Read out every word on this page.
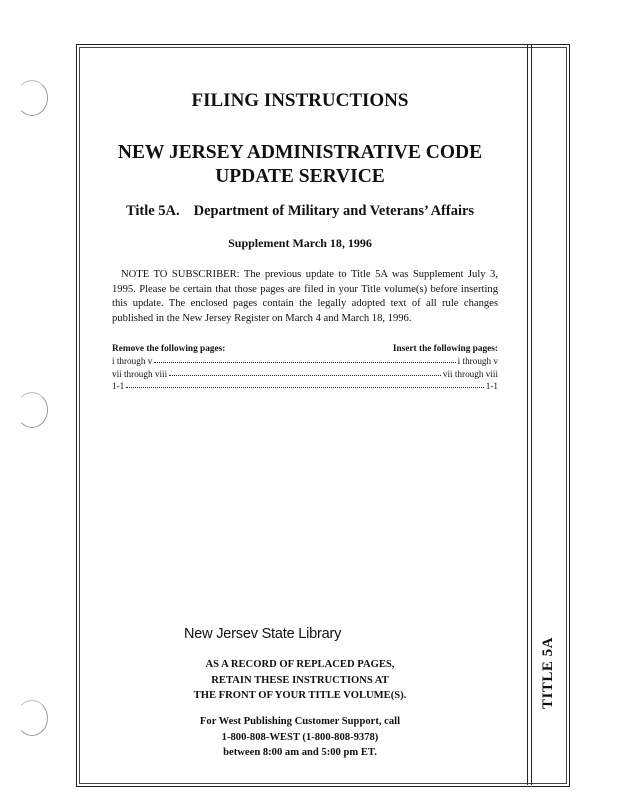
TITLE 5A
FILING INSTRUCTIONS
NEW JERSEY ADMINISTRATIVE CODE
UPDATE SERVICE
Title 5A. Department of Military and Veterans’ Affairs
Supplement March 18, 1996
NOTE TO SUBSCRIBER: The previous update to Title 5A was Supplement July 3, 1995. Please be certain that those pages are filed in your Title volume(s) before inserting this update. The enclosed pages contain the legally adopted text of all rule changes published in the New Jersey Register on March 4 and March 18, 1996.
Remove the following pages:	Insert the following pages:
i through v	i through v
vii through viii	vii through viii
1-1	1-1
New Jersev State Library
AS A RECORD OF REPLACED PAGES,
RETAIN THESE INSTRUCTIONS AT
THE FRONT OF YOUR TITLE VOLUME(S).
For West Publishing Customer Support, call
1-800-808-WEST (1-800-808-9378)
between 8:00 am and 5:00 pm ET.
